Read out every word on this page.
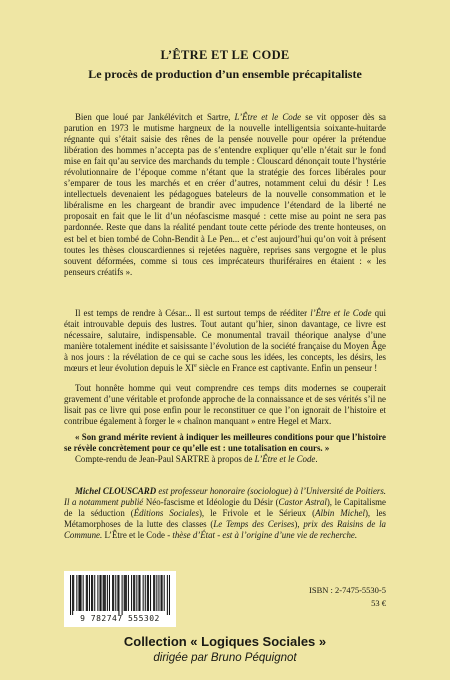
L’ÊTRE ET LE CODE
Le procès de production d’un ensemble précapitaliste

Bien que loué par Jankélévitch et Sartre, L’Être et le Code se vit opposer dès sa parution en 1973 le mutisme hargneux de la nouvelle intelligentsia soixante-huitarde régnante qui s’était saisie des rênes de la pensée nouvelle pour opérer la prétendue libération des hommes n’accepta pas de s’entendre expliquer qu’elle n’était sur le fond mise en fait qu’au service des marchands du temple : Clouscard dénonçait toute l’hystérie révolutionnaire de l’époque comme n’étant que la stratégie des forces libérales pour s’emparer de tous les marchés et en créer d’autres, notamment celui du désir ! Les intellectuels devenaient les pédagogues bateleurs de la nouvelle consommation et le libéralisme en les chargeant de brandir avec impudence l’étendard de la liberté ne proposait en fait que le lit d’un néofascisme masqué : cette mise au point ne sera pas pardonnée. Reste que dans la réalité pendant toute cette période des trente honteuses, on est bel et bien tombé de Cohn-Bendit à Le Pen... et c’est aujourd’hui qu’on voit à présent toutes les thèses clouscardiennes si rejetées naguère, reprises sans vergogne et le plus souvent déformées, comme si tous ces imprécateurs thuriféraires en étaient : « les penseurs créatifs ».

Il est temps de rendre à César... Il est surtout temps de rééditer l’Être et le Code qui était introuvable depuis des lustres. Tout autant qu’hier, sinon davantage, ce livre est nécessaire, salutaire, indispensable. Ce monumental travail théorique analyse d’une manière totalement inédite et saisissante l’évolution de la société française du Moyen Âge à nos jours : la révélation de ce qui se cache sous les idées, les concepts, les désirs, les mœurs et leur évolution depuis le XIe siècle en France est captivante. Enfin un penseur !

Tout honnête homme qui veut comprendre ces temps dits modernes se couperait gravement d’une véritable et profonde approche de la connaissance et de ses vérités s’il ne lisait pas ce livre qui pose enfin pour le reconstituer ce que l’on ignorait de l’histoire et contribue également à forger le « chaînon manquant » entre Hegel et Marx.

« Son grand mérite revient à indiquer les meilleures conditions pour que l’histoire se révèle concrètement pour ce qu’elle est : une totalisation en cours. »

Compte-rendu de Jean-Paul SARTRE à propos de L’Être et le Code.

Michel CLOUSCARD est professeur honoraire (sociologue) à l’Université de Poitiers. Il a notamment publié Néo-fascisme et Idéologie du Désir (Castor Astral), le Capitalisme de la séduction (Éditions Sociales), le Frivole et le Sérieux (Albin Michel), les Métamorphoses de la lutte des classes (Le Temps des Cerises), prix des Raisins de la Commune. L’Être et le Code - thèse d’État - est à l’origine d’une vie de recherche.

9 782747 555302
ISBN : 2-7475-5530-5
53 €
Collection « Logiques Sociales »
dirigée par Bruno Péquignot
